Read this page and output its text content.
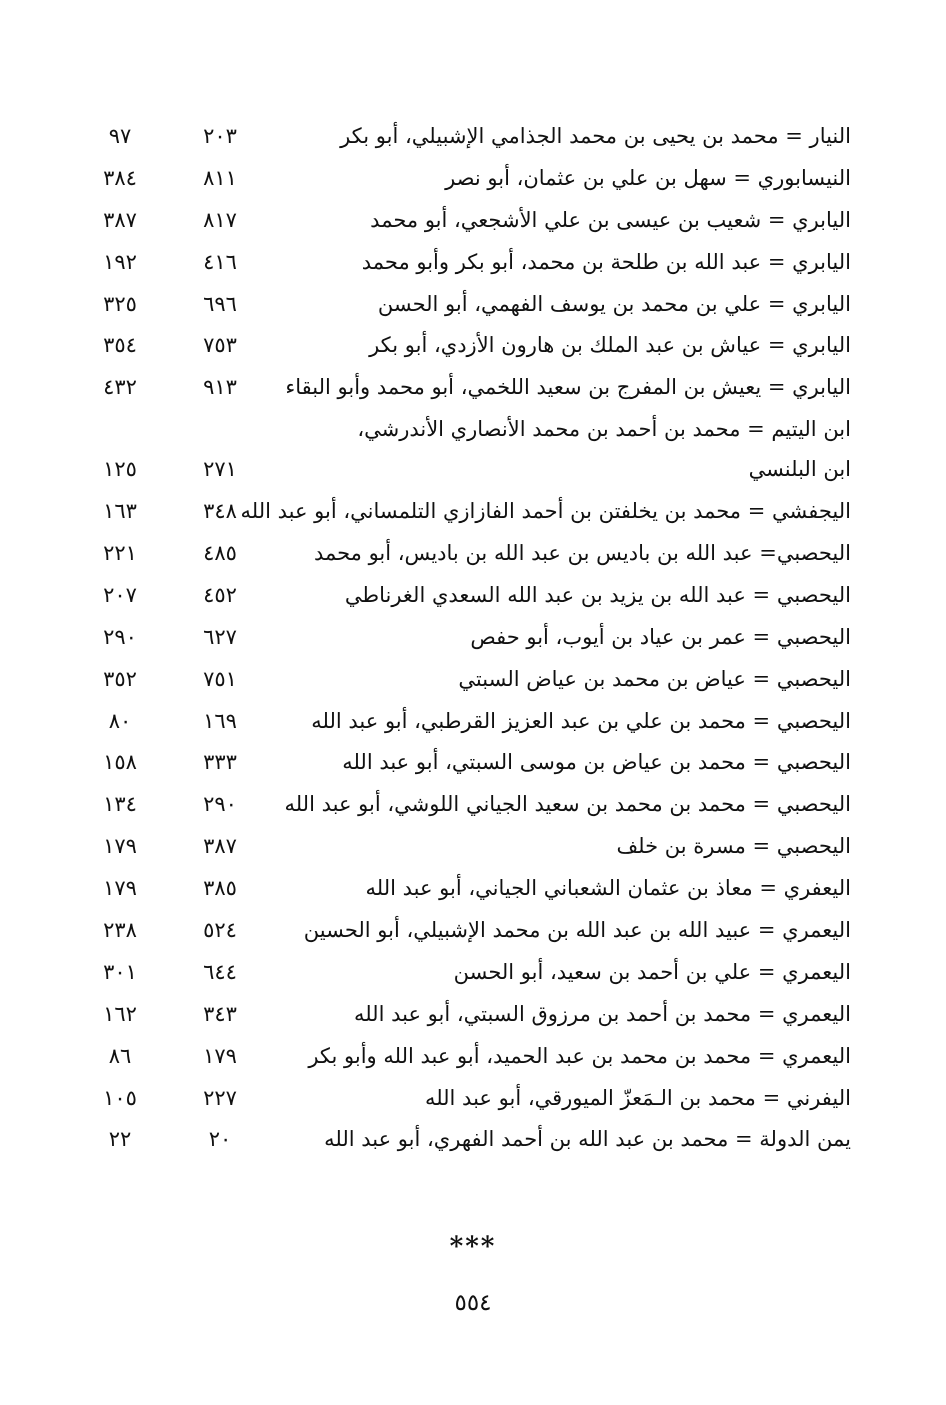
النيار = محمد بن يحيى بن محمد الجذامي الإشبيلي، أبو بكر
٢٠٣
٩٧
النيسابوري = سهل بن علي بن عثمان، أبو نصر
٨١١
٣٨٤
اليابري = شعيب بن عيسى بن علي الأشجعي، أبو محمد
٨١٧
٣٨٧
اليابري = عبد الله بن طلحة بن محمد، أبو بكر وأبو محمد
٤١٦
١٩٢
اليابري = علي بن محمد بن يوسف الفهمي، أبو الحسن
٦٩٦
٣٢٥
اليابري = عياش بن عبد الملك بن هارون الأزدي، أبو بكر
٧٥٣
٣٥٤
اليابري = يعيش بن المفرج بن سعيد اللخمي، أبو محمد وأبو البقاء
٩١٣
٤٣٢
ابن اليتيم = محمد بن أحمد بن محمد الأنصاري الأندرشي،
ابن البلنسي
٢٧١
١٢٥
اليجفشي = محمد بن يخلفتن بن أحمد الفازازي التلمساني، أبو عبد الله
٣٤٨
١٦٣
اليحصبي= عبد الله بن باديس بن عبد الله بن باديس، أبو محمد
٤٨٥
٢٢١
اليحصبي = عبد الله بن يزيد بن عبد الله السعدي الغرناطي
٤٥٢
٢٠٧
اليحصبي = عمر بن عياد بن أيوب، أبو حفص
٦٢٧
٢٩٠
اليحصبي = عياض بن محمد بن عياض السبتي
٧٥١
٣٥٢
اليحصبي = محمد بن علي بن عبد العزيز القرطبي، أبو عبد الله
١٦٩
٨٠
اليحصبي = محمد بن عياض بن موسى السبتي، أبو عبد الله
٣٣٣
١٥٨
اليحصبي = محمد بن محمد بن سعيد الجياني اللوشي، أبو عبد الله
٢٩٠
١٣٤
اليحصبي = مسرة بن خلف
٣٨٧
١٧٩
اليعفري = معاذ بن عثمان الشعباني الجياني، أبو عبد الله
٣٨٥
١٧٩
اليعمري = عبيد الله بن عبد الله بن محمد الإشبيلي، أبو الحسين
٥٢٤
٢٣٨
اليعمري = علي بن أحمد بن سعيد، أبو الحسن
٦٤٤
٣٠١
اليعمري = محمد بن أحمد بن مرزوق السبتي، أبو عبد الله
٣٤٣
١٦٢
اليعمري = محمد بن محمد بن عبد الحميد، أبو عبد الله وأبو بكر
١٧٩
٨٦
اليفرني = محمد بن الـمَعزّ الميورقي، أبو عبد الله
٢٢٧
١٠٥
يمن الدولة = محمد بن عبد الله بن أحمد الفهري، أبو عبد الله
٢٠
٢٢
***
٥٥٤
